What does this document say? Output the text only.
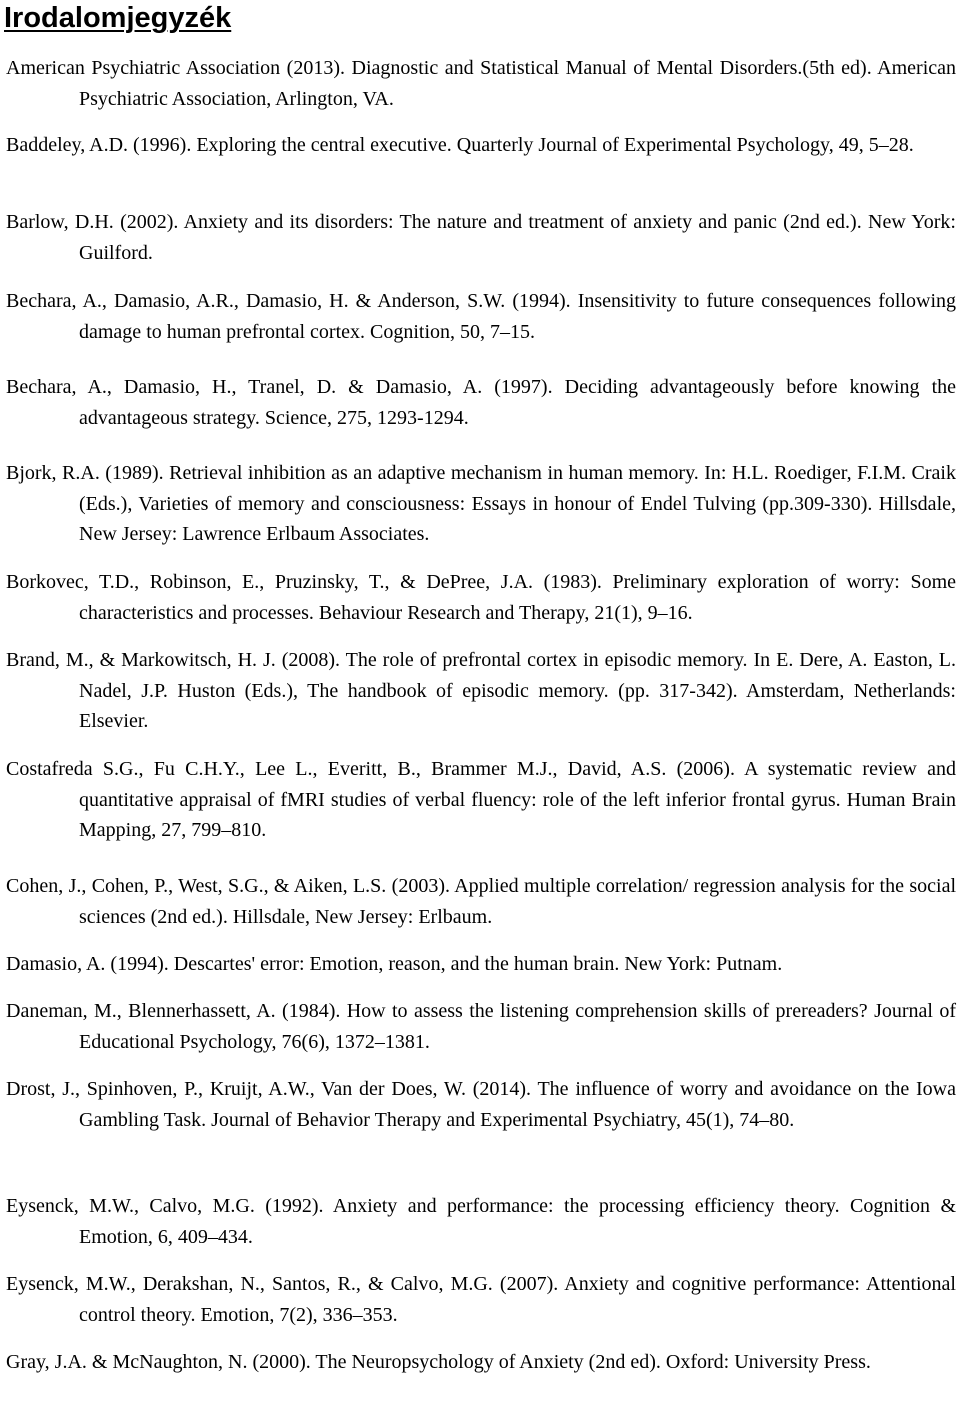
Irodalomjegyzék

American Psychiatric Association (2013). Diagnostic and Statistical Manual of Mental Disorders.(5th ed). American Psychiatric Association, Arlington, VA.

Baddeley, A.D. (1996). Exploring the central executive. Quarterly Journal of Experimental Psychology, 49, 5–28.

Barlow, D.H. (2002). Anxiety and its disorders: The nature and treatment of anxiety and panic (2nd ed.). New York: Guilford.

Bechara, A., Damasio, A.R., Damasio, H. & Anderson, S.W. (1994). Insensitivity to future consequences following damage to human prefrontal cortex. Cognition, 50, 7–15.

Bechara, A., Damasio, H., Tranel, D. & Damasio, A. (1997). Deciding advantageously before knowing the advantageous strategy. Science, 275, 1293-1294.

Bjork, R.A. (1989). Retrieval inhibition as an adaptive mechanism in human memory. In: H.L. Roediger, F.I.M. Craik (Eds.), Varieties of memory and consciousness: Essays in honour of Endel Tulving (pp.309-330). Hillsdale, New Jersey: Lawrence Erlbaum Associates.

Borkovec, T.D., Robinson, E., Pruzinsky, T., & DePree, J.A. (1983). Preliminary exploration of worry: Some characteristics and processes. Behaviour Research and Therapy, 21(1), 9–16.

Brand, M., & Markowitsch, H. J. (2008). The role of prefrontal cortex in episodic memory. In E. Dere, A. Easton, L. Nadel, J.P. Huston (Eds.), The handbook of episodic memory. (pp. 317-342). Amsterdam, Netherlands: Elsevier.

Costafreda S.G., Fu C.H.Y., Lee L., Everitt, B., Brammer M.J., David, A.S. (2006). A systematic review and quantitative appraisal of fMRI studies of verbal fluency: role of the left inferior frontal gyrus. Human Brain Mapping, 27, 799–810.

Cohen, J., Cohen, P., West, S.G., & Aiken, L.S. (2003). Applied multiple correlation/ regression analysis for the social sciences (2nd ed.). Hillsdale, New Jersey: Erlbaum.

Damasio, A. (1994). Descartes' error: Emotion, reason, and the human brain. New York: Putnam.

Daneman, M., Blennerhassett, A. (1984). How to assess the listening comprehension skills of prereaders? Journal of Educational Psychology, 76(6), 1372–1381.

Drost, J., Spinhoven, P., Kruijt, A.W., Van der Does, W. (2014). The influence of worry and avoidance on the Iowa Gambling Task. Journal of Behavior Therapy and Experimental Psychiatry, 45(1), 74–80.

Eysenck, M.W., Calvo, M.G. (1992). Anxiety and performance: the processing efficiency theory. Cognition & Emotion, 6, 409–434.

Eysenck, M.W., Derakshan, N., Santos, R., & Calvo, M.G. (2007). Anxiety and cognitive performance: Attentional control theory. Emotion, 7(2), 336–353.

Gray, J.A. & McNaughton, N. (2000). The Neuropsychology of Anxiety (2nd ed). Oxford: University Press.
